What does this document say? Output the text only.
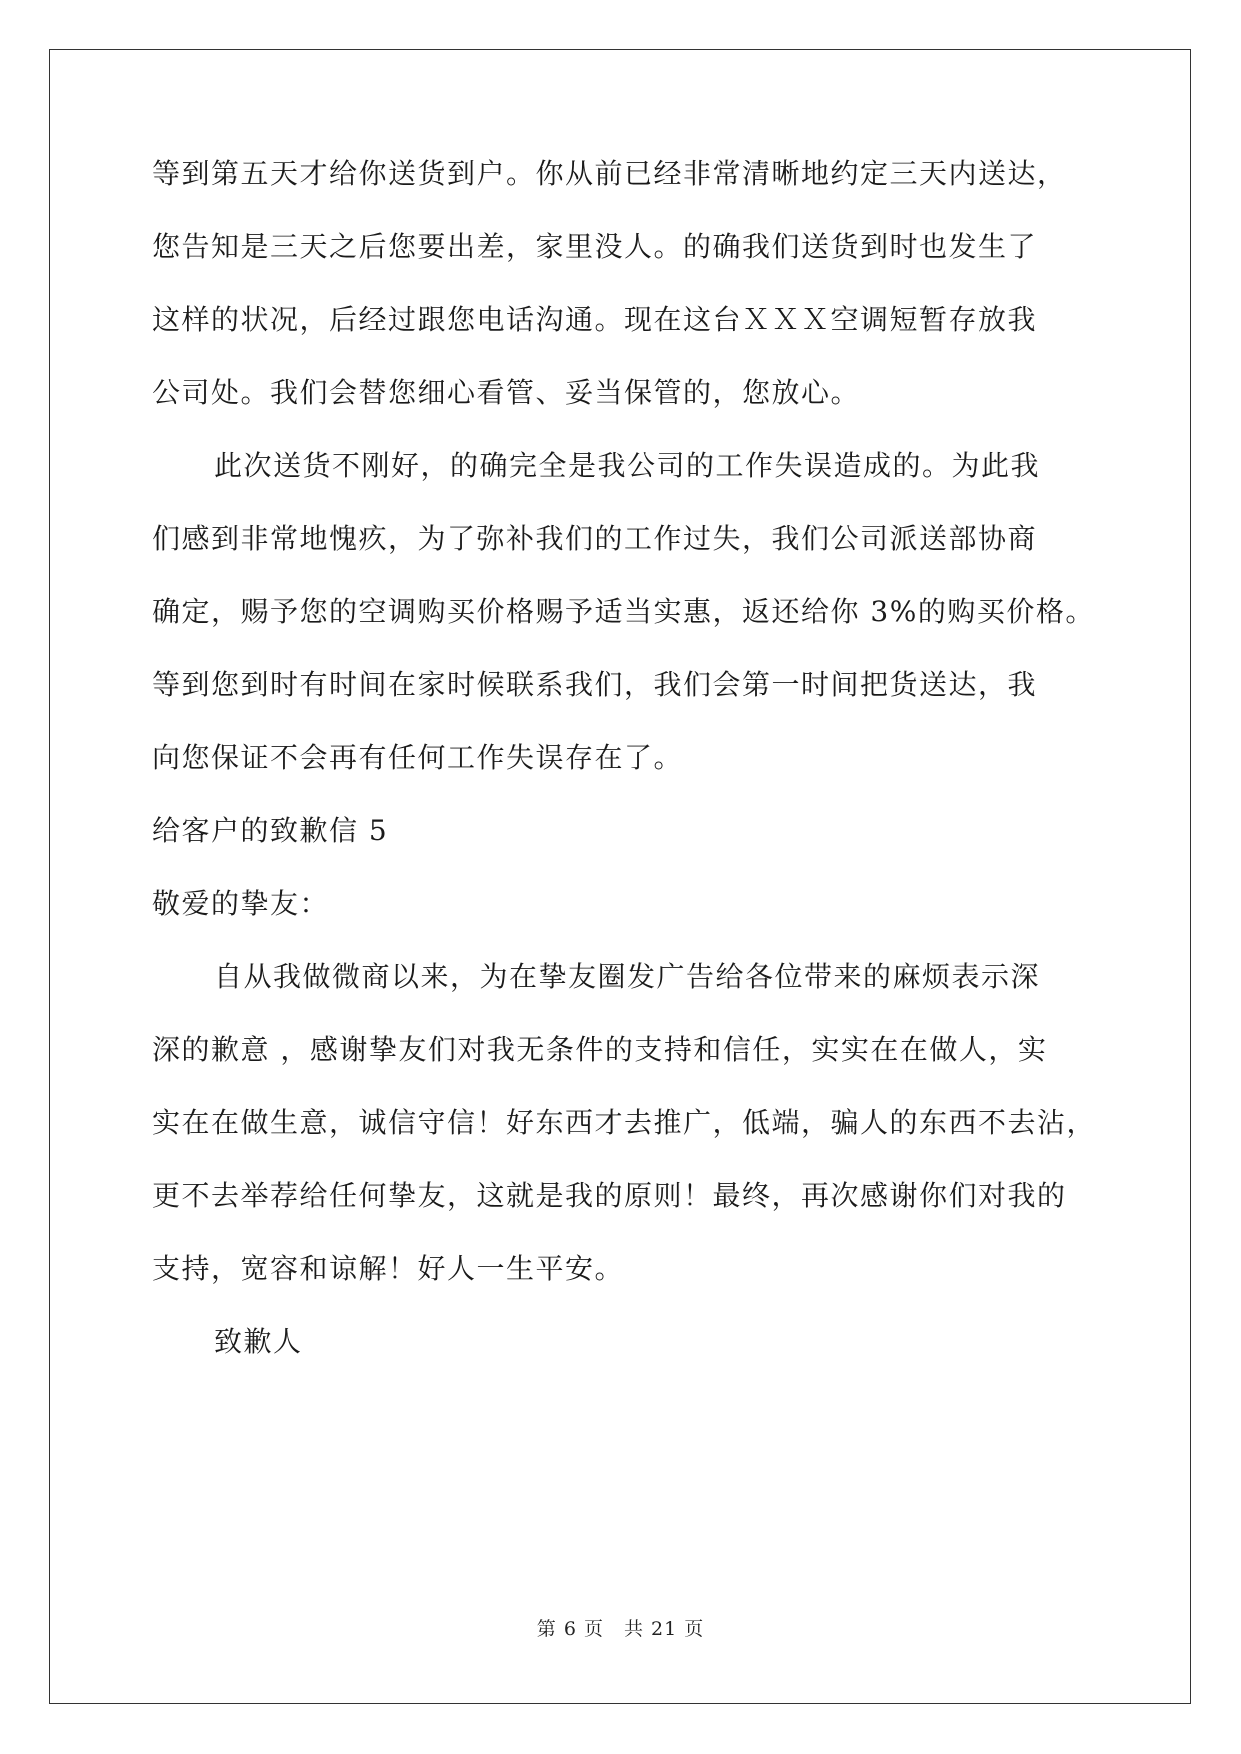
等到第五天才给你送货到户。你从前已经非常清晰地约定三天内送达，

您告知是三天之后您要出差，家里没人。的确我们送货到时也发生了

这样的状况，后经过跟您电话沟通。现在这台ＸＸＸ空调短暂存放我

公司处。我们会替您细心看管、妥当保管的，您放心。

此次送货不刚好，的确完全是我公司的工作失误造成的。为此我

们感到非常地愧疚，为了弥补我们的工作过失，我们公司派送部协商

确定，赐予您的空调购买价格赐予适当实惠，返还给你 3%的购买价格。

等到您到时有时间在家时候联系我们，我们会第一时间把货送达，我

向您保证不会再有任何工作失误存在了。

给客户的致歉信 5

敬爱的挚友：

自从我做微商以来，为在挚友圈发广告给各位带来的麻烦表示深

深的歉意 ，感谢挚友们对我无条件的支持和信任，实实在在做人，实

实在在做生意，诚信守信！好东西才去推广，低端，骗人的东西不去沾，

更不去举荐给任何挚友，这就是我的原则！最终，再次感谢你们对我的

支持，宽容和谅解！好人一生平安。

致歉人

第 6 页　共 21 页
